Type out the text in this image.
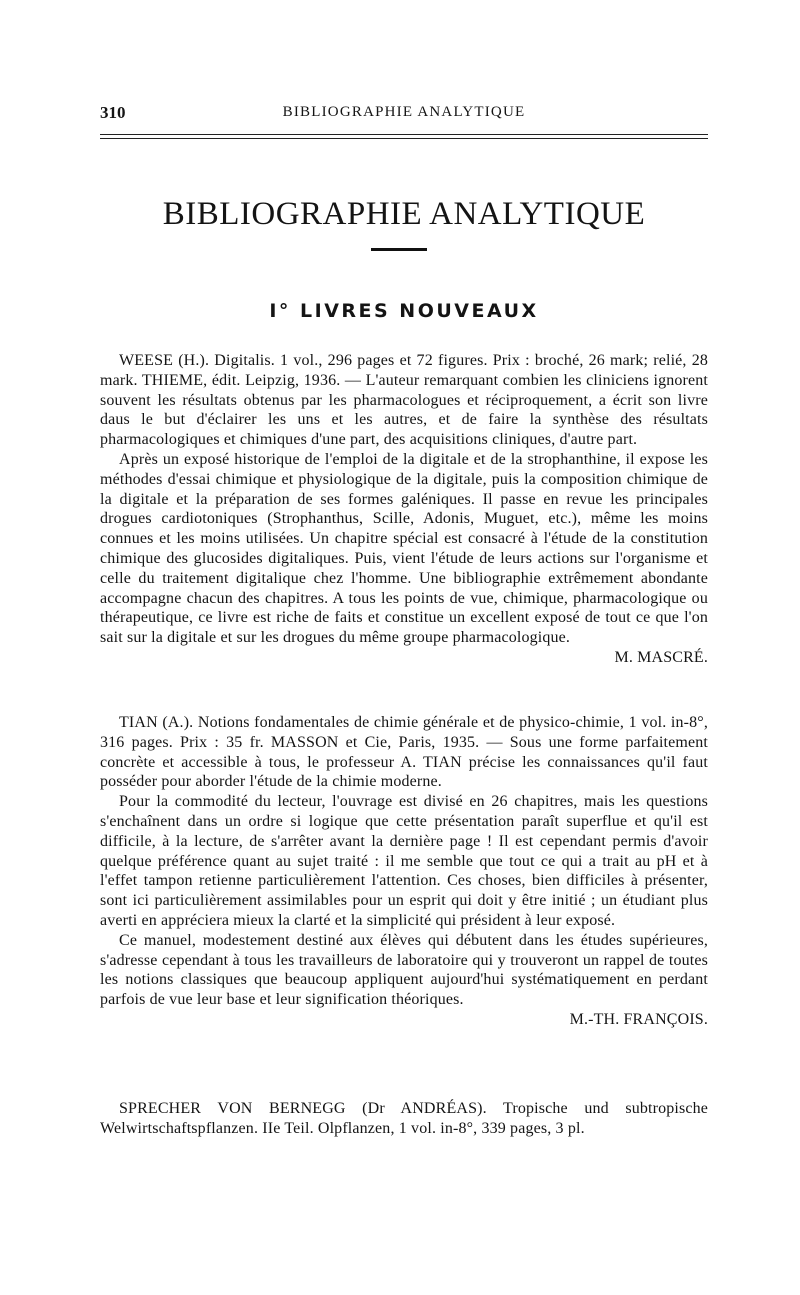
310	BIBLIOGRAPHIE ANALYTIQUE
BIBLIOGRAPHIE ANALYTIQUE
I° LIVRES NOUVEAUX

WEESE (H.). Digitalis. 1 vol., 296 pages et 72 figures. Prix : broché, 26 mark; relié, 28 mark. THIEME, édit. Leipzig, 1936. — L'auteur remarquant combien les cliniciens ignorent souvent les résultats obtenus par les pharmacologues et réciproquement, a écrit son livre daus le but d'éclairer les uns et les autres, et de faire la synthèse des résultats pharmacologiques et chimiques d'une part, des acquisitions cliniques, d'autre part.

Après un exposé historique de l'emploi de la digitale et de la strophanthine, il expose les méthodes d'essai chimique et physiologique de la digitale, puis la composition chimique de la digitale et la préparation de ses formes galéniques. Il passe en revue les principales drogues cardiotoniques (Strophanthus, Scille, Adonis, Muguet, etc.), même les moins connues et les moins utilisées. Un chapitre spécial est consacré à l'étude de la constitution chimique des glucosides digitaliques. Puis, vient l'étude de leurs actions sur l'organisme et celle du traitement digitalique chez l'homme. Une bibliographie extrêmement abondante accompagne chacun des chapitres. A tous les points de vue, chimique, pharmacologique ou thérapeutique, ce livre est riche de faits et constitue un excellent exposé de tout ce que l'on sait sur la digitale et sur les drogues du même groupe pharmacologique.

M. MASCRÉ.

TIAN (A.). Notions fondamentales de chimie générale et de physico-chimie, 1 vol. in-8°, 316 pages. Prix : 35 fr. MASSON et Cie, Paris, 1935. — Sous une forme parfaitement concrète et accessible à tous, le professeur A. TIAN précise les connaissances qu'il faut posséder pour aborder l'étude de la chimie moderne.

Pour la commodité du lecteur, l'ouvrage est divisé en 26 chapitres, mais les questions s'enchaînent dans un ordre si logique que cette présentation paraît superflue et qu'il est difficile, à la lecture, de s'arrêter avant la dernière page ! Il est cependant permis d'avoir quelque préférence quant au sujet traité : il me semble que tout ce qui a trait au pH et à l'effet tampon retienne particulièrement l'attention. Ces choses, bien difficiles à présenter, sont ici particulièrement assimilables pour un esprit qui doit y être initié ; un étudiant plus averti en appréciera mieux la clarté et la simplicité qui président à leur exposé.

Ce manuel, modestement destiné aux élèves qui débutent dans les études supérieures, s'adresse cependant à tous les travailleurs de laboratoire qui y trouveront un rappel de toutes les notions classiques que beaucoup appliquent aujourd'hui systématiquement en perdant parfois de vue leur base et leur signification théoriques.

M.-TH. FRANÇOIS.

SPRECHER VON BERNEGG (Dr ANDRÉAS). Tropische und subtropische Welwirtschaftspflanzen. IIe Teil. Olpflanzen, 1 vol. in-8°, 339 pages, 3 pl.
